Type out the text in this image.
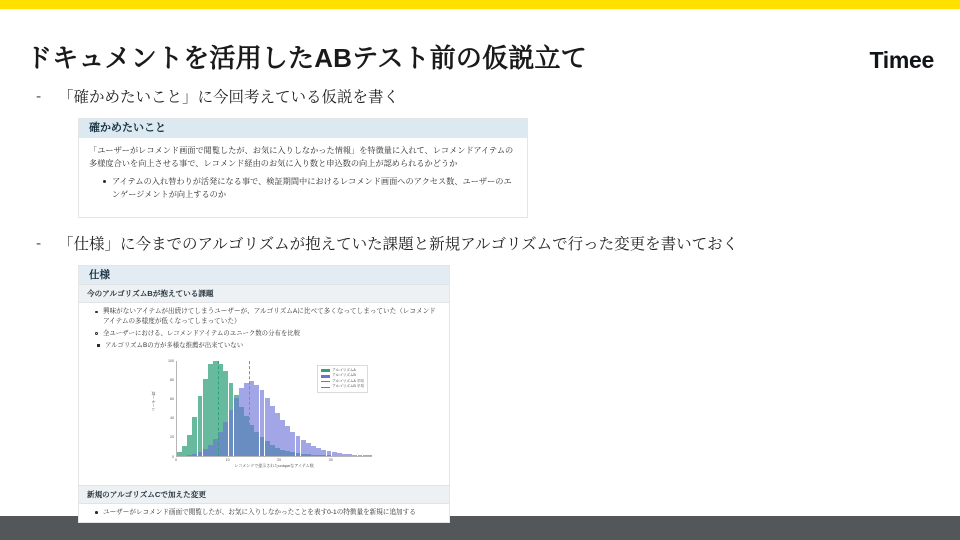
ドキュメントを活用したABテスト前の仮説立て	Timee
-	「確かめたいこと」に今回考えている仮説を書く
確かめたいこと
「ユーザーがレコメンド画面で閲覧したが、お気に入りしなかった情報」を特徴量に入れて、レコメンドアイテムの多様度合いを向上させる事で、レコメンド経由のお気に入り数と申込数の向上が認められるかどうか
アイテムの入れ替わりが活発になる事で、検証期間中におけるレコメンド画面へのアクセス数、ユーザーのエンゲージメントが向上するのか
-	「仕様」に今までのアルゴリズムが抱えていた課題と新規アルゴリズムで行った変更を書いておく
仕様
今のアルゴリズムBが抱えている課題
興味がないアイテムが出続けてしまうユーザーが、アルゴリズムAに比べて多くなってしまっていた（レコメンドアイテムの多様度が低くなってしまっていた）
全ユーザーにおける、レコメンドアイテムのユニーク数の分布を比較
アルゴリズムBの方が多様な推薦が出来ていない
ユーザー数
0
20
40
60
80
100
アルゴリズムA
アルゴリズムB
アルゴリズムA 平均
アルゴリズムB 平均
0	10	20	30
レコメンドで提示されたuniqueなアイテム数
新規のアルゴリズムCで加えた変更
ユーザーがレコメンド画面で閲覧したが、お気に入りしなかったことを表す0-1の特徴量を新規に追加する
